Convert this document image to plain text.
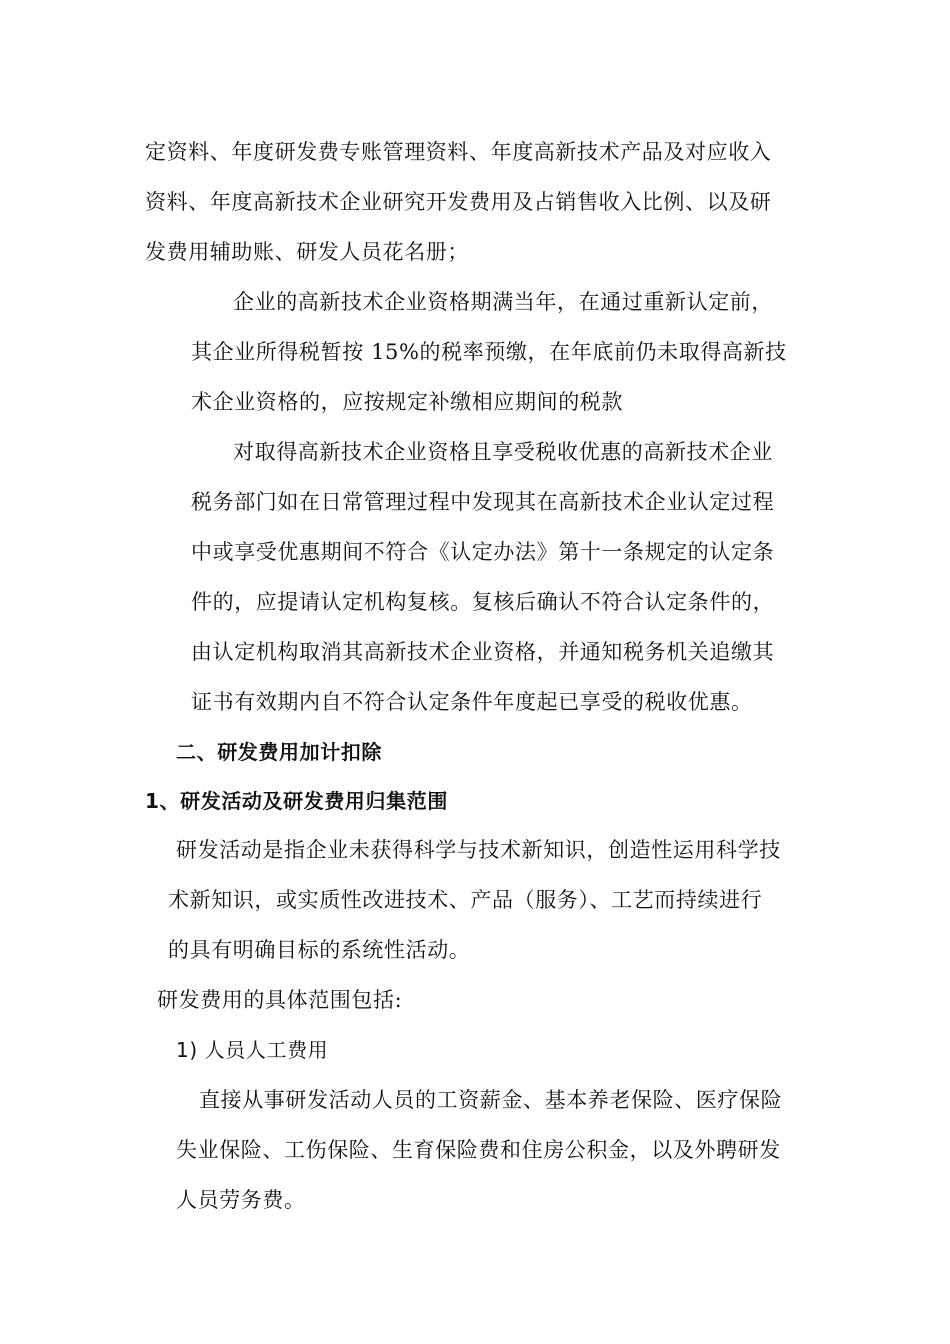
定资料、年度研发费专账管理资料、年度高新技术产品及对应收入
资料、年度高新技术企业研究开发费用及占销售收入比例、以及研
发费用辅助账、研发人员花名册；
企业的高新技术企业资格期满当年，在通过重新认定前，
其企业所得税暂按 15%的税率预缴，在年底前仍未取得高新技
术企业资格的，应按规定补缴相应期间的税款
对取得高新技术企业资格且享受税收优惠的高新技术企业
税务部门如在日常管理过程中发现其在高新技术企业认定过程
中或享受优惠期间不符合《认定办法》第十一条规定的认定条
件的，应提请认定机构复核。复核后确认不符合认定条件的，
由认定机构取消其高新技术企业资格，并通知税务机关追缴其
证书有效期内自不符合认定条件年度起已享受的税收优惠。
二、研发费用加计扣除
1、研发活动及研发费用归集范围
研发活动是指企业未获得科学与技术新知识，创造性运用科学技
术新知识，或实质性改进技术、产品（服务）、工艺而持续进行
的具有明确目标的系统性活动。
研发费用的具体范围包括:
1) 人员人工费用
直接从事研发活动人员的工资薪金、基本养老保险、医疗保险
失业保险、工伤保险、生育保险费和住房公积金，以及外聘研发
人员劳务费。
